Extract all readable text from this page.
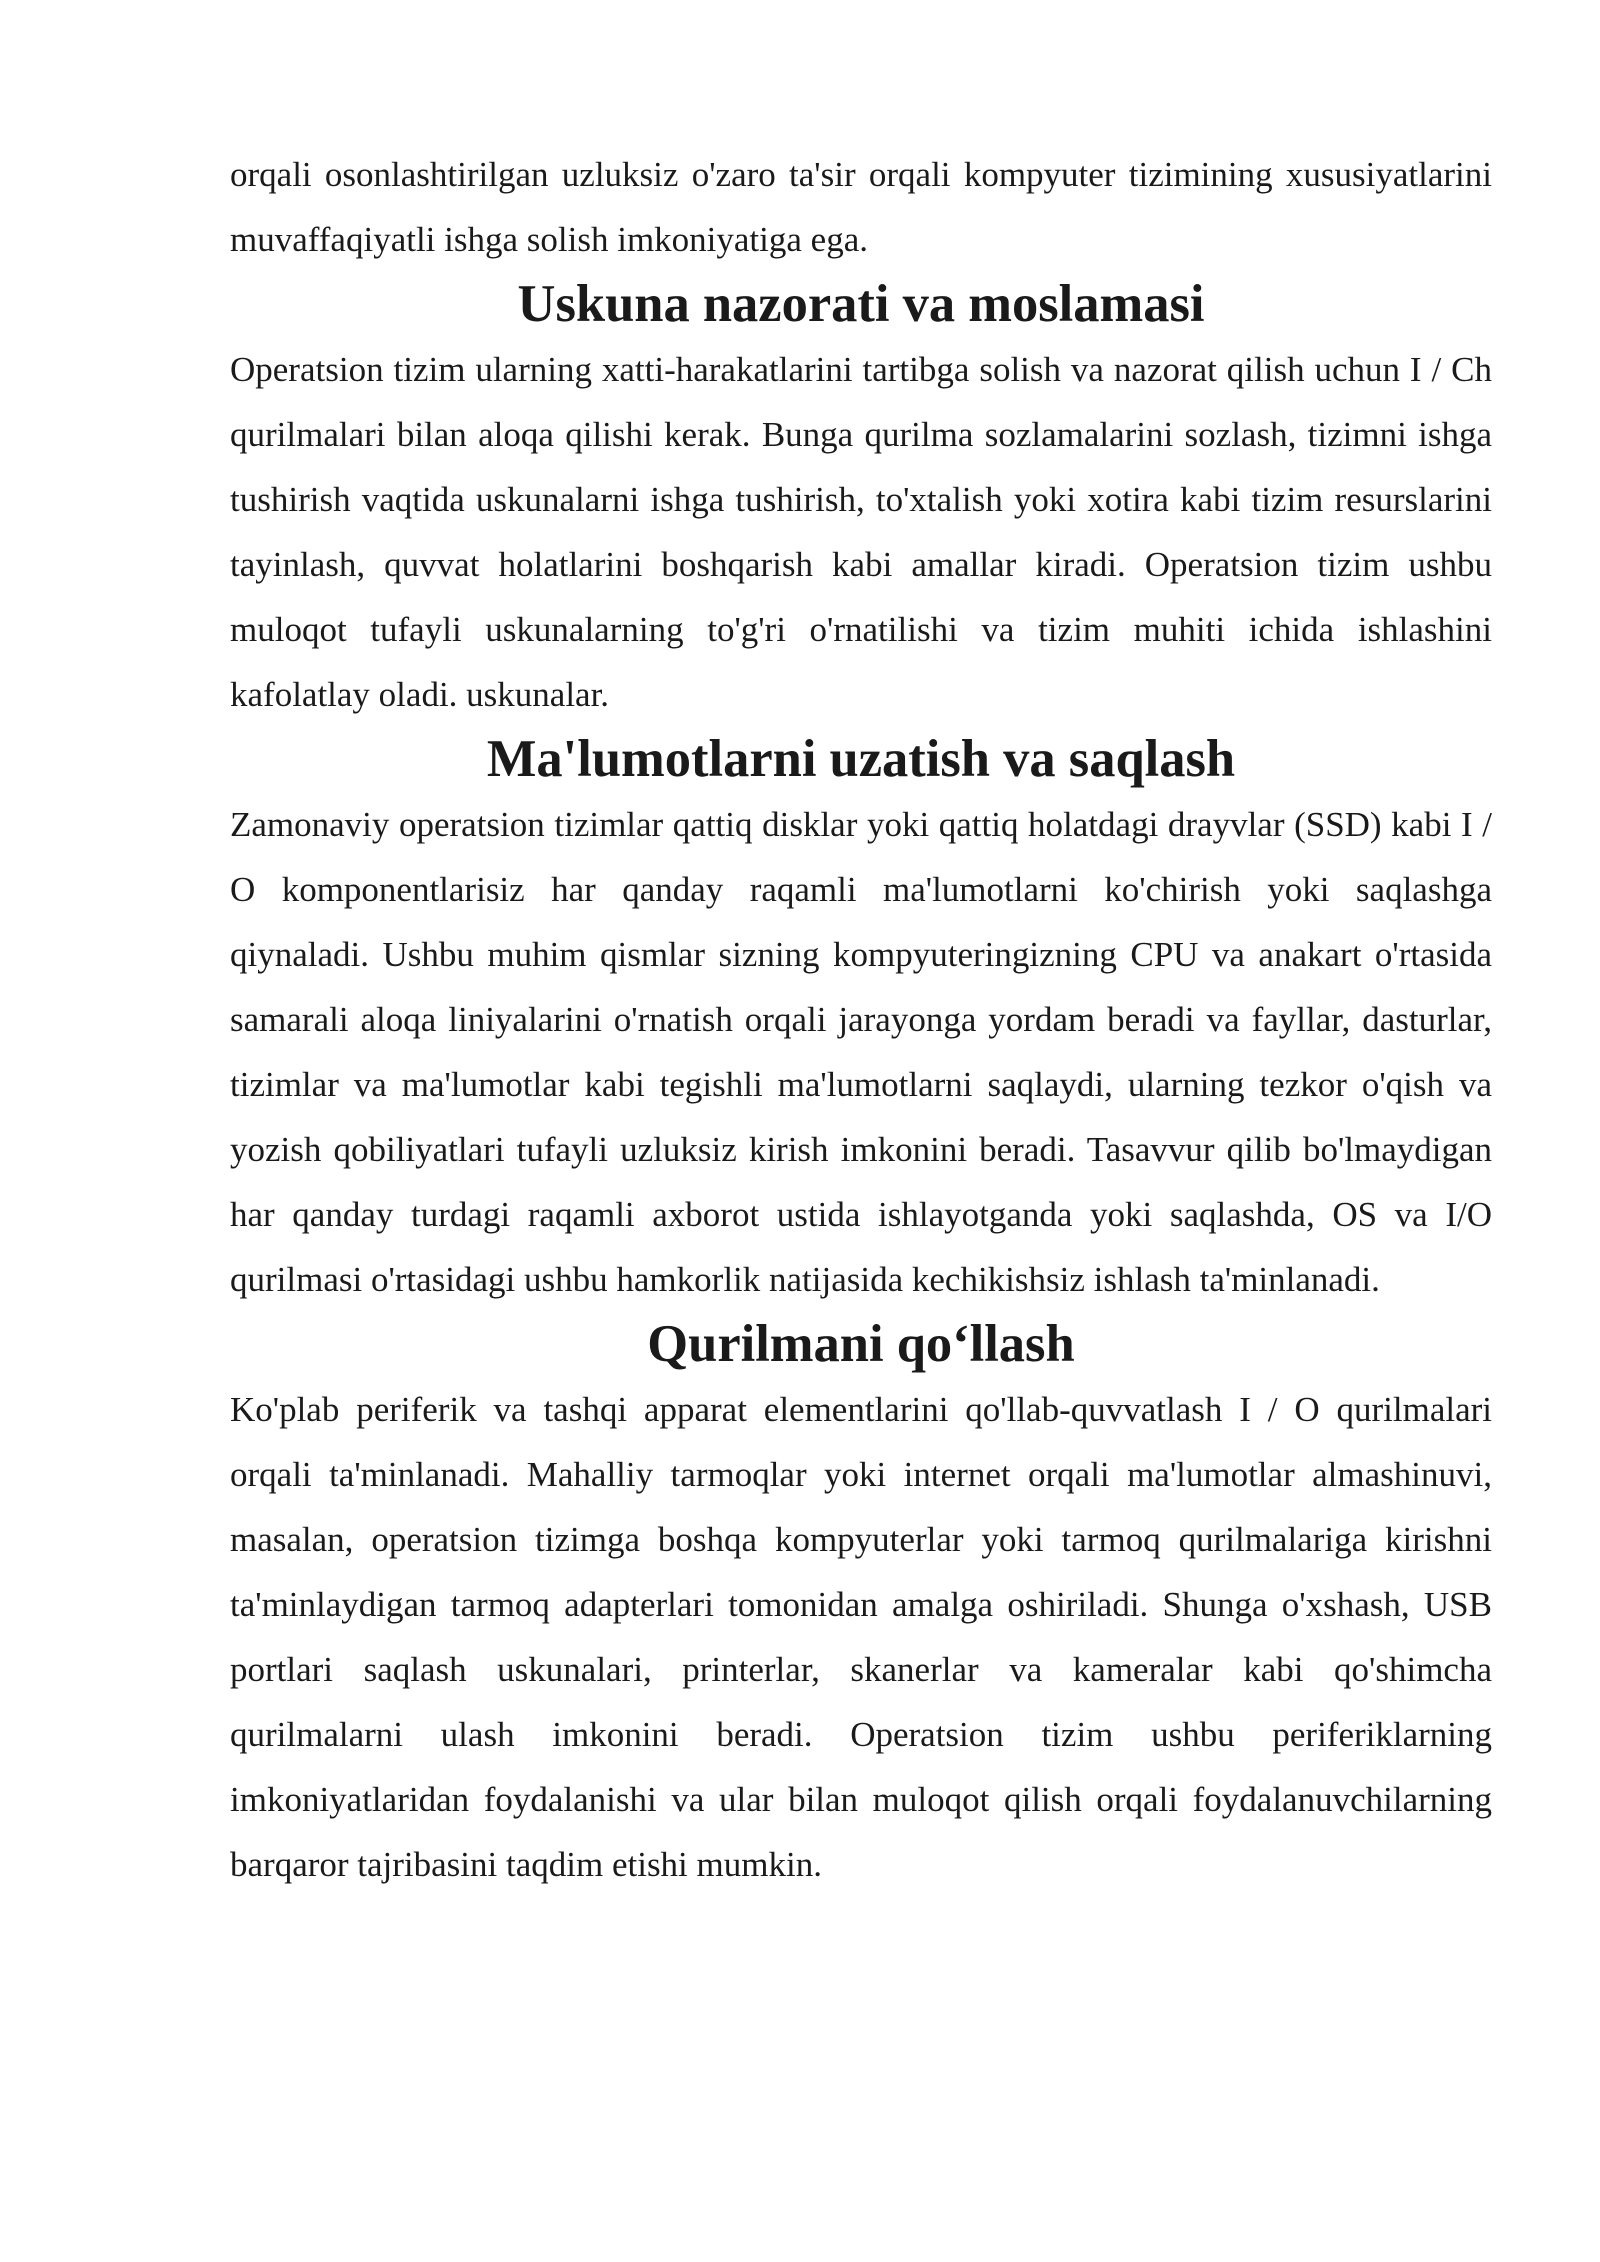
orqali osonlashtirilgan uzluksiz o'zaro ta'sir orqali kompyuter tizimining xususiyatlarini muvaffaqiyatli ishga solish imkoniyatiga ega.

Uskuna nazorati va moslamasi

Operatsion tizim ularning xatti-harakatlarini tartibga solish va nazorat qilish uchun I / Ch qurilmalari bilan aloqa qilishi kerak. Bunga qurilma sozlamalarini sozlash, tizimni ishga tushirish vaqtida uskunalarni ishga tushirish, to'xtalish yoki xotira kabi tizim resurslarini tayinlash, quvvat holatlarini boshqarish kabi amallar kiradi. Operatsion tizim ushbu muloqot tufayli uskunalarning to'g'ri o'rnatilishi va tizim muhiti ichida ishlashini kafolatlay oladi. uskunalar.

Ma'lumotlarni uzatish va saqlash

Zamonaviy operatsion tizimlar qattiq disklar yoki qattiq holatdagi drayvlar (SSD) kabi I / O komponentlarisiz har qanday raqamli ma'lumotlarni ko'chirish yoki saqlashga qiynaladi. Ushbu muhim qismlar sizning kompyuteringizning CPU va anakart o'rtasida samarali aloqa liniyalarini o'rnatish orqali jarayonga yordam beradi va fayllar, dasturlar, tizimlar va ma'lumotlar kabi tegishli ma'lumotlarni saqlaydi, ularning tezkor o'qish va yozish qobiliyatlari tufayli uzluksiz kirish imkonini beradi. Tasavvur qilib bo'lmaydigan har qanday turdagi raqamli axborot ustida ishlayotganda yoki saqlashda, OS va I/O qurilmasi o'rtasidagi ushbu hamkorlik natijasida kechikishsiz ishlash ta'minlanadi.

Qurilmani qo‘llash

Ko'plab periferik va tashqi apparat elementlarini qo'llab-quvvatlash I / O qurilmalari orqali ta'minlanadi. Mahalliy tarmoqlar yoki internet orqali ma'lumotlar almashinuvi, masalan, operatsion tizimga boshqa kompyuterlar yoki tarmoq qurilmalariga kirishni ta'minlaydigan tarmoq adapterlari tomonidan amalga oshiriladi. Shunga o'xshash, USB portlari saqlash uskunalari, printerlar, skanerlar va kameralar kabi qo'shimcha qurilmalarni ulash imkonini beradi. Operatsion tizim ushbu periferiklarning imkoniyatlaridan foydalanishi va ular bilan muloqot qilish orqali foydalanuvchilarning barqaror tajribasini taqdim etishi mumkin.
